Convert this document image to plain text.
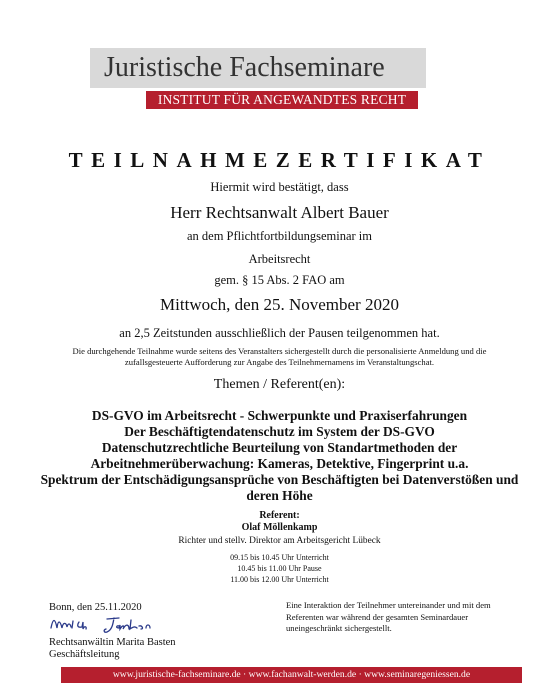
Juristische Fachseminare
INSTITUT FÜR ANGEWANDTES RECHT
TEILNAHMEZERTIFIKAT
Hiermit wird bestätigt, dass
Herr Rechtsanwalt Albert Bauer
an dem Pflichtfortbildungseminar im
Arbeitsrecht
gem. § 15 Abs. 2 FAO am
Mittwoch, den 25. November 2020
an 2,5 Zeitstunden ausschließlich der Pausen teilgenommen hat.
Die durchgehende Teilnahme wurde seitens des Veranstalters sichergestellt durch die personalisierte Anmeldung und die
zufallsgesteuerte Aufforderung zur Angabe des Teilnehmernamens im Veranstaltungschat.
Themen / Referent(en):
DS-GVO im Arbeitsrecht - Schwerpunkte und Praxiserfahrungen
Der Beschäftigtendatenschutz im System der DS-GVO
Datenschutzrechtliche Beurteilung von Standartmethoden der
Arbeitnehmerüberwachung: Kameras, Detektive, Fingerprint u.a.
Spektrum der Entschädigungsansprüche von Beschäftigten bei Datenverstößen und
deren Höhe
Referent:
Olaf Möllenkamp
Richter und stellv. Direktor am Arbeitsgericht Lübeck
09.15 bis 10.45 Uhr Unterricht
10.45 bis 11.00 Uhr Pause
11.00 bis 12.00 Uhr Unterricht
Bonn, den 25.11.2020
Rechtsanwältin Marita Basten
Geschäftsleitung
Eine Interaktion der Teilnehmer untereinander und mit dem
Referenten war während der gesamten Seminardauer
uneingeschränkt sichergestellt.
www.juristische-fachseminare.de · www.fachanwalt-werden.de · www.seminaregeniessen.de
